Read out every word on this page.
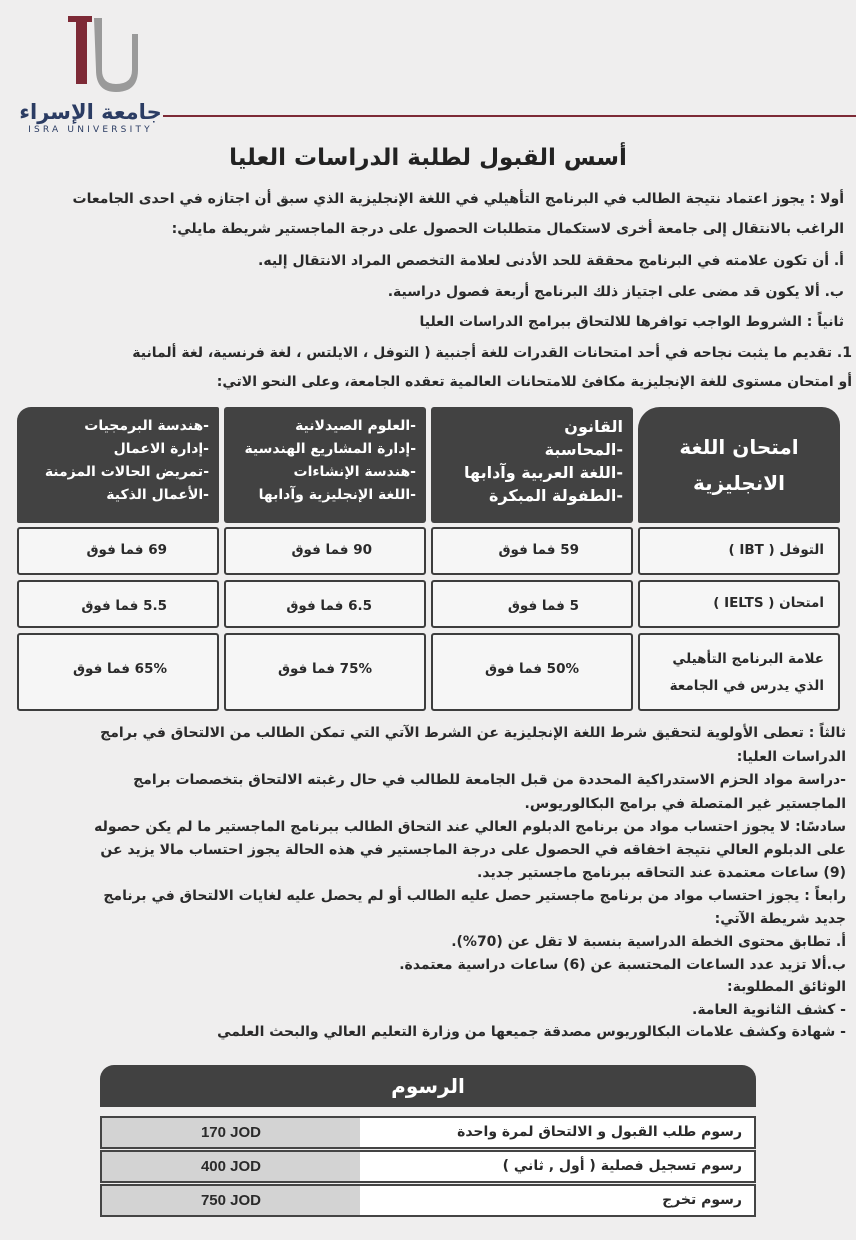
جامعة الإسراء
ISRA UNIVERSITY
أسس القبول لطلبة الدراسات العليا
أولا : يجوز اعتماد نتيجة الطالب في البرنامج التأهيلي في اللغة الإنجليزية الذي سبق أن اجتازه في احدى الجامعات
الراغب بالانتقال إلى جامعة أخرى لاستكمال متطلبات الحصول على درجة الماجستير شريطة مايلي:
أ. أن تكون علامته في البرنامج محققة للحد الأدنى لعلامة التخصص المراد الانتقال إليه.
ب. ألا يكون قد مضى على اجتياز ذلك البرنامج أربعة فصول دراسية.
ثانياً : الشروط الواجب توافرها للالتحاق ببرامج الدراسات العليا
1. تقديم ما يثبت نجاحه في أحد امتحانات القدرات للغة أجنبية ( التوفل ، الايلتس ، لغة فرنسية، لغة ألمانية
أو امتحان مستوى للغة الإنجليزية مكافئ للامتحانات العالمية تعقده الجامعة، وعلى النحو الاتي:
امتحان اللغة
الانجليزية
القانون
-المحاسبة
-اللغة العربية وآدابها
-الطفولة المبكرة
-العلوم الصيدلانية
-إدارة المشاريع الهندسية
-هندسة الإنشاءات
-اللغة الإنجليزية وآدابها
-هندسة البرمجيات
-إدارة الاعمال
-تمريض الحالات المزمنة
-الأعمال الذكية
التوفل ( IBT )
59 فما فوق
90 فما فوق
69 فما فوق
امتحان ( IELTS )
5 فما فوق
6.5 فما فوق
5.5 فما فوق
علامة البرنامج التأهيلي
الذي يدرس في الجامعة
50% فما فوق
75% فما فوق
65% فما فوق
ثالثاً : تعطى الأولوية لتحقيق شرط اللغة الإنجليزية عن الشرط الآتي التي تمكن الطالب من الالتحاق في برامج
الدراسات العليا:
-دراسة مواد الحزم الاستدراكية المحددة من قبل الجامعة للطالب في حال رغبته الالتحاق بتخصصات برامج
الماجستير غير المتصلة في برامج البكالوريوس.
سادسًا: لا يجوز احتساب مواد من برنامج الدبلوم العالي عند التحاق الطالب ببرنامج الماجستير ما لم يكن حصوله
على الدبلوم العالي نتيجة اخفاقه في الحصول على درجة الماجستير في هذه الحالة يجوز احتساب مالا يزيد عن
(9) ساعات معتمدة عند التحاقه ببرنامج ماجستير جديد.
رابعاً : يجوز احتساب مواد من برنامج ماجستير حصل عليه الطالب أو لم يحصل عليه لغايات الالتحاق في برنامج
جديد شريطة الآتي:
أ. تطابق محتوى الخطة الدراسية بنسبة لا تقل عن (70%).
ب.ألا تزيد عدد الساعات المحتسبة عن (6) ساعات دراسية معتمدة.
الوثائق المطلوبة:
- كشف الثانوية العامة.
- شهادة وكشف علامات البكالوريوس مصدقة جميعها من وزارة التعليم العالي والبحث العلمي
الرسوم
رسوم طلب القبول و الالتحاق لمرة واحدة
170 JOD
رسوم تسجيل فصلية ( أول , ثاني )
400 JOD
رسوم تخرج
750 JOD
